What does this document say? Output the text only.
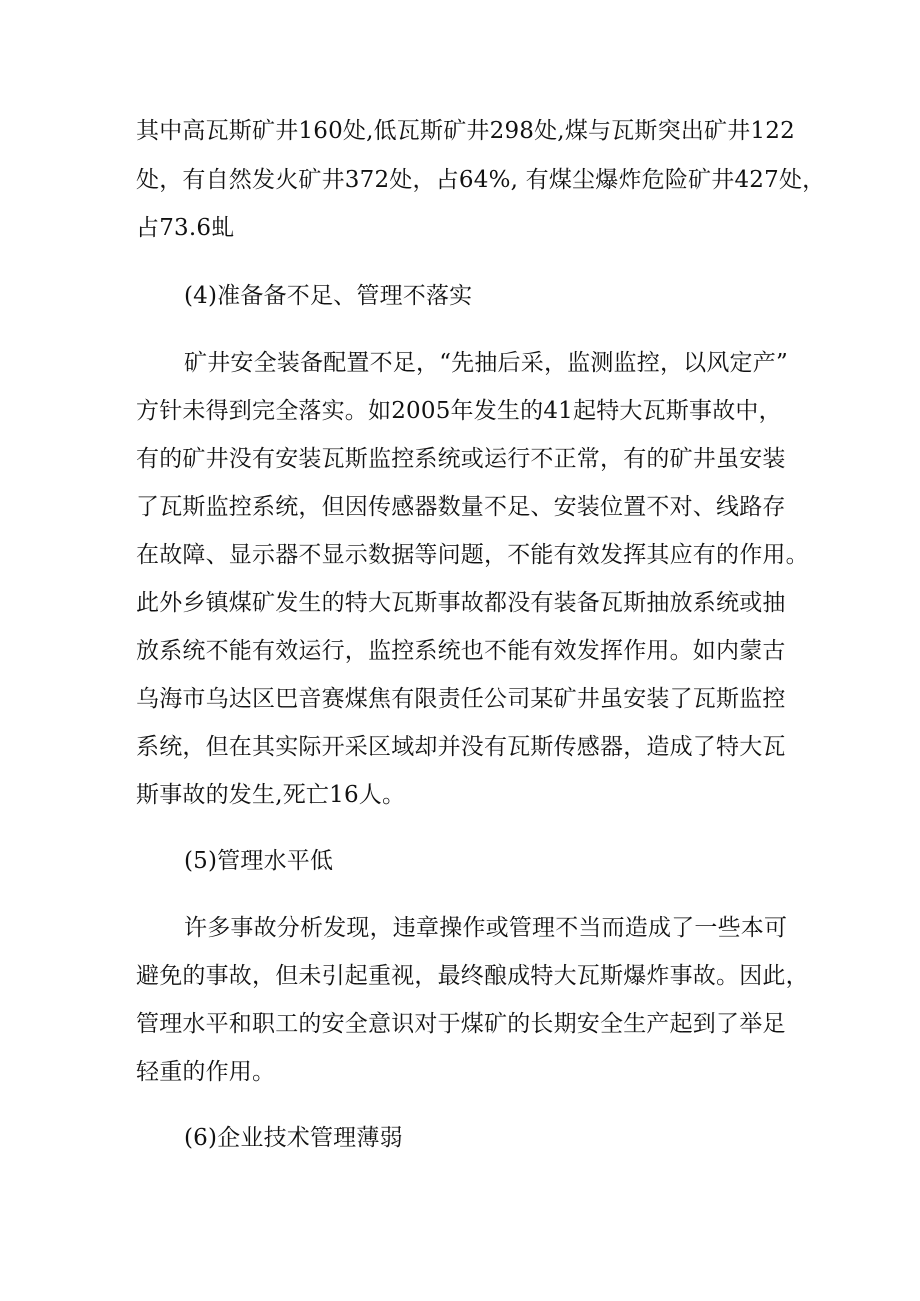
其中高瓦斯矿井160处,低瓦斯矿井298处,煤与瓦斯突出矿井122

处，有自然发火矿井372处，占64%, 有煤尘爆炸危险矿井427处，

占73.6虬

(4)准备备不足、管理不落实

矿井安全装备配置不足，“先抽后采，监测监控，以风定产”

方针未得到完全落实。如2005年发生的41起特大瓦斯事故中，

有的矿井没有安装瓦斯监控系统或运行不正常，有的矿井虽安装

了瓦斯监控系统，但因传感器数量不足、安装位置不对、线路存

在故障、显示器不显示数据等问题，不能有效发挥其应有的作用。

此外乡镇煤矿发生的特大瓦斯事故都没有装备瓦斯抽放系统或抽

放系统不能有效运行，监控系统也不能有效发挥作用。如内蒙古

乌海市乌达区巴音赛煤焦有限责任公司某矿井虽安装了瓦斯监控

系统，但在其实际开采区域却并没有瓦斯传感器，造成了特大瓦

斯事故的发生,死亡16人。

(5)管理水平低

许多事故分析发现，违章操作或管理不当而造成了一些本可

避免的事故，但未引起重视，最终酿成特大瓦斯爆炸事故。因此，

管理水平和职工的安全意识对于煤矿的长期安全生产起到了举足

轻重的作用。

(6)企业技术管理薄弱
